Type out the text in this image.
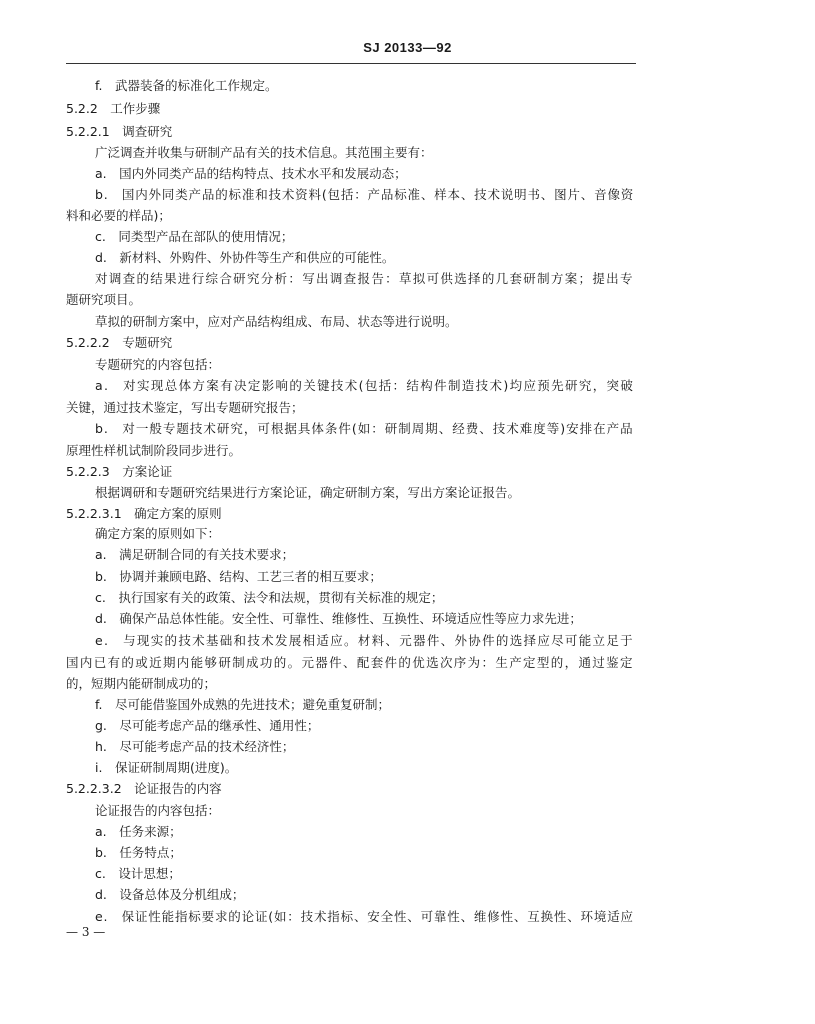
SJ 20133—92
f.　武器装备的标准化工作规定。
5.2.2　工作步骤
5.2.2.1　调查研究
广泛调查并收集与研制产品有关的技术信息。其范围主要有：
a.　国内外同类产品的结构特点、技术水平和发展动态；
b.　国内外同类产品的标准和技术资料(包括：产品标准、样本、技术说明书、图片、音像资
料和必要的样品)；
c.　同类型产品在部队的使用情况；
d.　新材料、外购件、外协件等生产和供应的可能性。
对调查的结果进行综合研究分析：写出调查报告：草拟可供选择的几套研制方案；提出专
题研究项目。
草拟的研制方案中，应对产品结构组成、布局、状态等进行说明。
5.2.2.2　专题研究
专题研究的内容包括：
a.　对实现总体方案有决定影响的关键技术(包括：结构件制造技术)均应预先研究，突破
关键，通过技术鉴定，写出专题研究报告；
b.　对一般专题技术研究，可根据具体条件(如：研制周期、经费、技术难度等)安排在产品
原理性样机试制阶段同步进行。
5.2.2.3　方案论证
根据调研和专题研究结果进行方案论证，确定研制方案，写出方案论证报告。
5.2.2.3.1　确定方案的原则
确定方案的原则如下：
a.　满足研制合同的有关技术要求；
b.　协调并兼顾电路、结构、工艺三者的相互要求；
c.　执行国家有关的政策、法令和法规，贯彻有关标准的规定；
d.　确保产品总体性能。安全性、可靠性、维修性、互换性、环境适应性等应力求先进；
e.　与现实的技术基础和技术发展相适应。材料、元器件、外协件的选择应尽可能立足于
国内已有的或近期内能够研制成功的。元器件、配套件的优选次序为：生产定型的，通过鉴定
的，短期内能研制成功的；
f.　尽可能借鉴国外成熟的先进技术；避免重复研制；
g.　尽可能考虑产品的继承性、通用性；
h.　尽可能考虑产品的技术经济性；
i.　保证研制周期(进度)。
5.2.2.3.2　论证报告的内容
论证报告的内容包括：
a.　任务来源；
b.　任务特点；
c.　设计思想；
d.　设备总体及分机组成；
e.　保证性能指标要求的论证(如：技术指标、安全性、可靠性、维修性、互换性、环境适应
— 3 —
